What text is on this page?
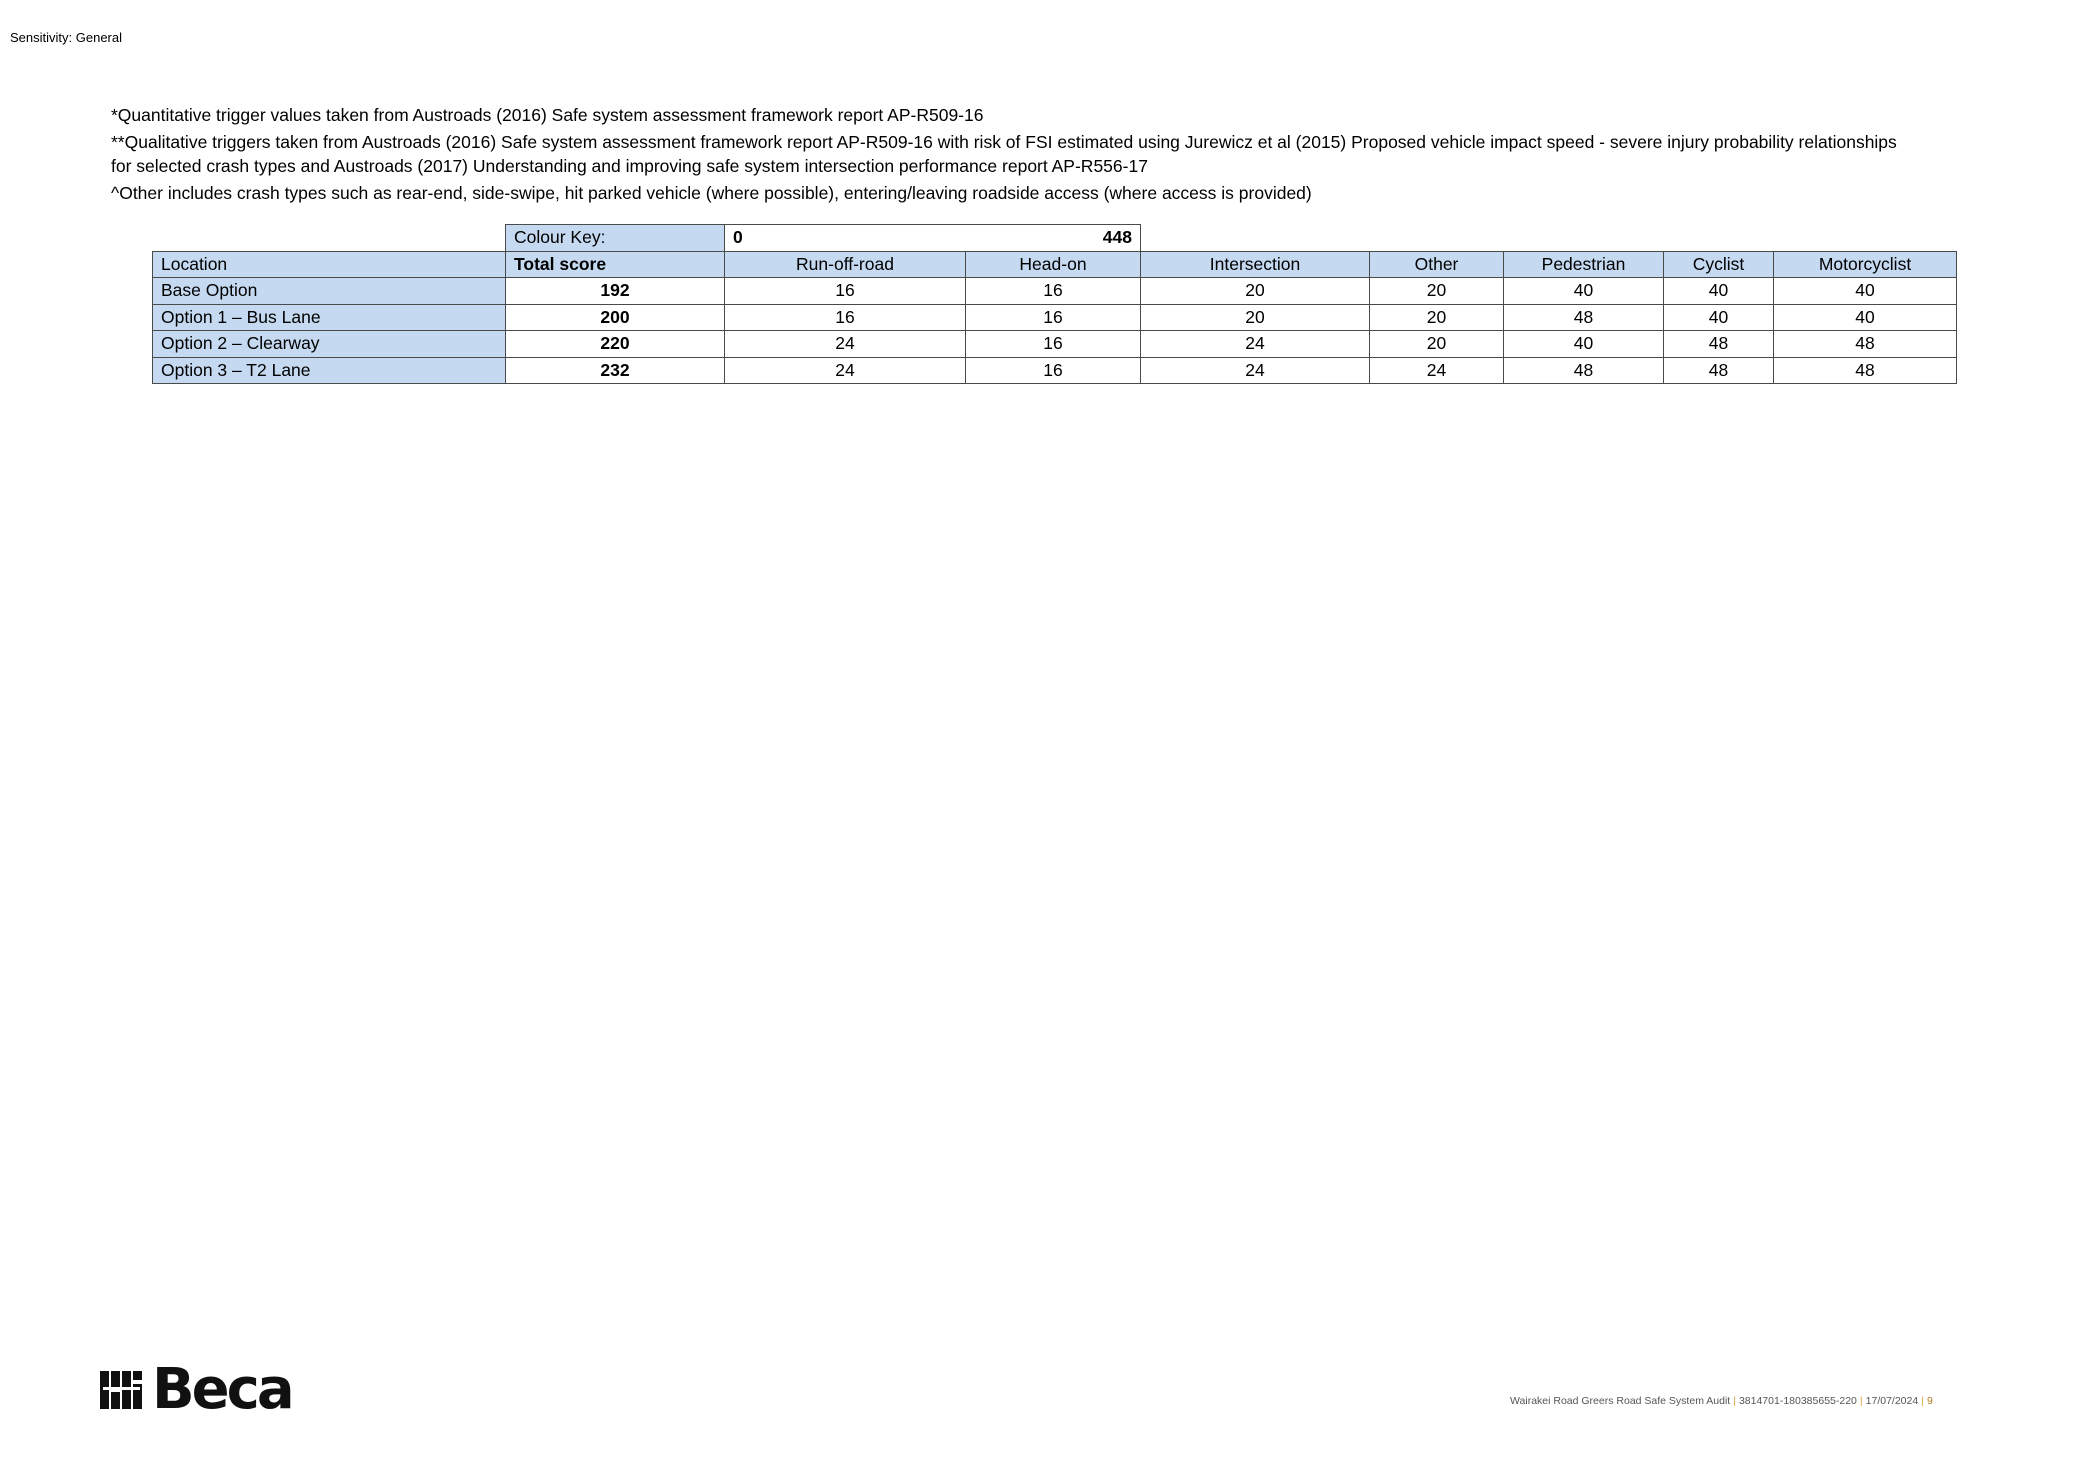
Sensitivity: General
*Quantitative trigger values taken from Austroads (2016) Safe system assessment framework report AP-R509-16
**Qualitative triggers taken from Austroads (2016) Safe system assessment framework report AP-R509-16 with risk of FSI estimated using Jurewicz et al (2015) Proposed vehicle impact speed - severe injury probability relationships
for selected crash types and Austroads (2017) Understanding and improving safe system intersection performance report AP-R556-17
^Other includes crash types such as rear-end, side-swipe, hit parked vehicle (where possible), entering/leaving roadside access (where access is provided)
	Colour Key:	0 448						

Location	Total score	Run-off-road	Head-on	Intersection	Other	Pedestrian	Cyclist	Motorcyclist
Base Option	192	16	16	20	20	40	40	40
Option 1 – Bus Lane	200	16	16	20	20	48	40	40
Option 2 – Clearway	220	24	16	24	20	40	48	48
Option 3 – T2 Lane	232	24	16	24	24	48	48	48
Beca	Wairakei Road Greers Road Safe System Audit | 3814701-180385655-220 | 17/07/2024 | 9
